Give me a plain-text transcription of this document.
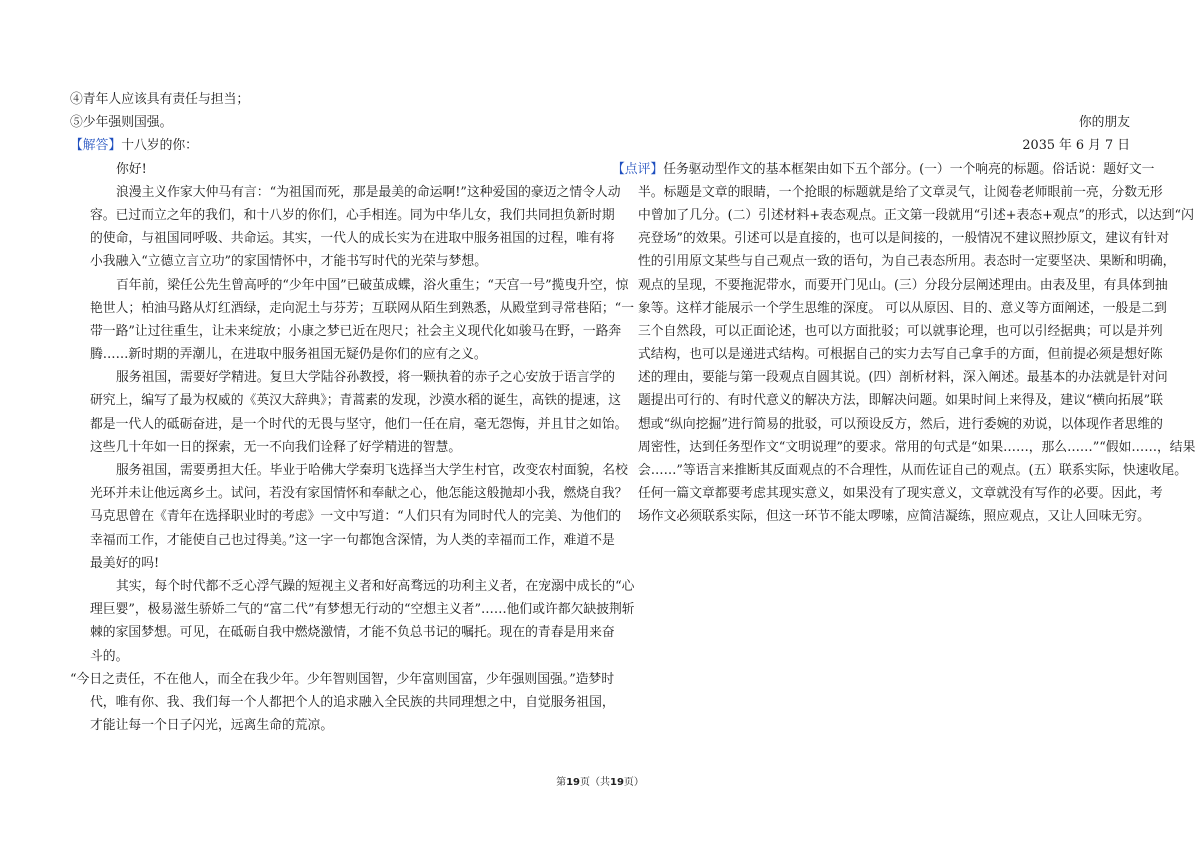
④青年人应该具有责任与担当；
⑤少年强则国强。
【解答】十八岁的你：
你好!
浪漫主义作家大仲马有言：“为祖国而死，那是最美的命运啊!”这种爱国的豪迈之情令人动
容。已过而立之年的我们，和十八岁的你们，心手相连。同为中华儿女，我们共同担负新时期
的使命，与祖国同呼吸、共命运。其实，一代人的成长实为在进取中服务祖国的过程，唯有将
小我融入“立德立言立功”的家国情怀中，才能书写时代的光荣与梦想。
百年前，梁任公先生曾高呼的“少年中国”已破茧成蝶，浴火重生；“天宫一号”揽曳升空，惊
艳世人；柏油马路从灯红酒绿，走向泥土与芬芳；互联网从陌生到熟悉，从殿堂到寻常巷陌；“一
带一路”让过往重生，让未来绽放；小康之梦已近在咫尺；社会主义现代化如骏马在野，一路奔
腾……新时期的弄潮儿，在进取中服务祖国无疑仍是你们的应有之义。
服务祖国，需要好学精进。复旦大学陆谷孙教授，将一颗执着的赤子之心安放于语言学的
研究上，编写了最为权威的《英汉大辞典》；青蒿素的发现，沙漠水稻的诞生，高铁的提速，这
都是一代人的砥砺奋进，是一个时代的无畏与坚守，他们一任在肩，毫无怨悔，并且甘之如饴。
这些几十年如一日的探索，无一不向我们诠释了好学精进的智慧。
服务祖国，需要勇担大任。毕业于哈佛大学秦玥飞选择当大学生村官，改变农村面貌，名校
光环并未让他远离乡土。试问，若没有家国情怀和奉献之心，他怎能这般抛却小我，燃烧自我？
马克思曾在《青年在选择职业时的考虑》一文中写道：“人们只有为同时代人的完美、为他们的
幸福而工作，才能使自己也过得美。”这一字一句都饱含深情，为人类的幸福而工作，难道不是
最美好的吗!
其实，每个时代都不乏心浮气躁的短视主义者和好高骛远的功利主义者，在宠溺中成长的“心
理巨婴”，极易滋生骄娇二气的“富二代”有梦想无行动的“空想主义者”……他们或许都欠缺披荆斩
棘的家国梦想。可见，在砥砺自我中燃烧激情，才能不负总书记的嘱托。现在的青春是用来奋
斗的。
“今日之责任，不在他人，而全在我少年。少年智则国智，少年富则国富，少年强则国强。”造梦时
代，唯有你、我、我们每一个人都把个人的追求融入全民族的共同理想之中，自觉服务祖国，
才能让每一个日子闪光，远离生命的荒凉。
你的朋友
2035 年 6 月 7 日
【点评】任务驱动型作文的基本框架由如下五个部分。(一）一个响亮的标题。俗话说：题好文一
半。标题是文章的眼睛，一个抢眼的标题就是给了文章灵气，让阅卷老师眼前一亮，分数无形
中曾加了几分。(二）引述材料+表态观点。正文第一段就用“引述+表态+观点”的形式，以达到“闪
亮登场”的效果。引述可以是直接的，也可以是间接的，一般情况不建议照抄原文，建议有针对
性的引用原文某些与自己观点一致的语句，为自己表态所用。表态时一定要坚决、果断和明确，
观点的呈现，不要拖泥带水，而要开门见山。(三）分段分层阐述理由。由表及里，有具体到抽
象等。这样才能展示一个学生思维的深度。 可以从原因、目的、意义等方面阐述，一般是二到
三个自然段，可以正面论述，也可以方面批驳；可以就事论理，也可以引经据典；可以是并列
式结构，也可以是递进式结构。可根据自己的实力去写自己拿手的方面，但前提必须是想好陈
述的理由，要能与第一段观点自圆其说。(四）剖析材料，深入阐述。最基本的办法就是针对问
题提出可行的、有时代意义的解决方法，即解决问题。如果时间上来得及，建议“横向拓展”联
想或“纵向挖掘”进行简易的批驳，可以预设反方，然后，进行委婉的劝说，以体现作者思维的
周密性，达到任务型作文“文明说理”的要求。常用的句式是“如果……，那么……”“假如……，结果
会……”等语言来推断其反面观点的不合理性，从而佐证自己的观点。(五）联系实际，快速收尾。
任何一篇文章都要考虑其现实意义，如果没有了现实意义，文章就没有写作的必要。因此，考
场作文必须联系实际，但这一环节不能太啰嗦，应简洁凝练，照应观点，又让人回味无穷。
第19页（共19页）
